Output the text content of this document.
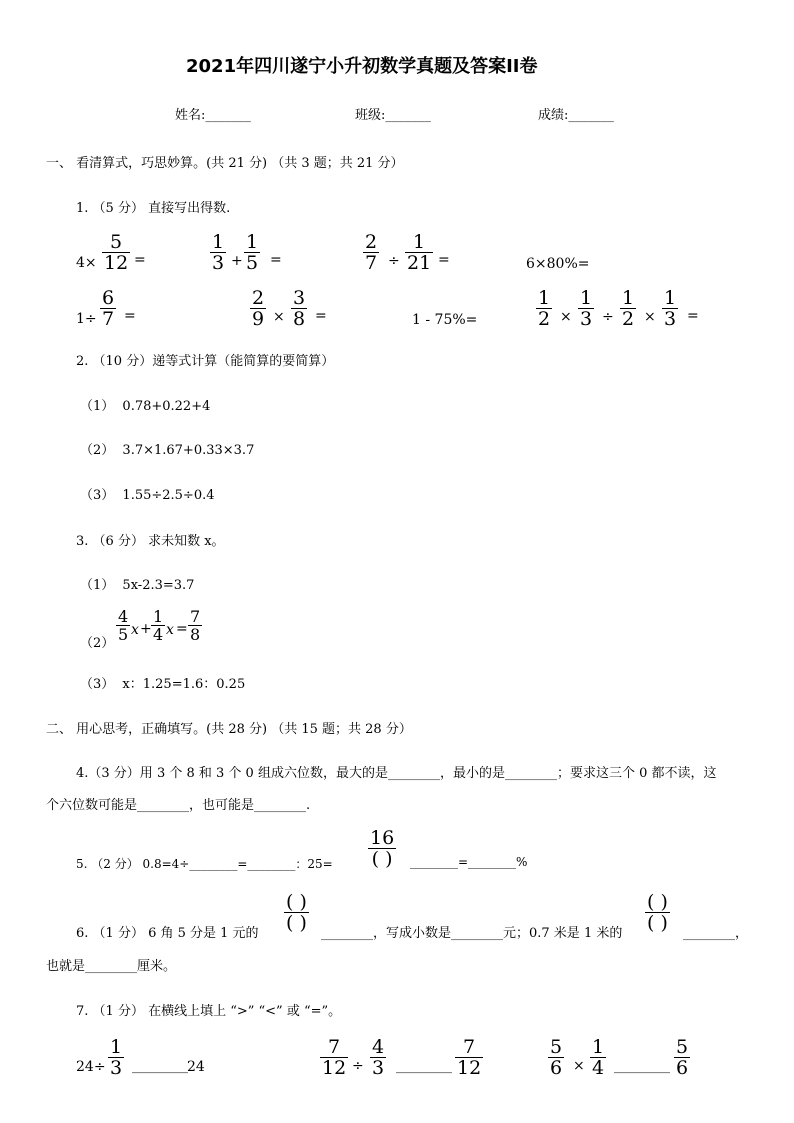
2021年四川遂宁小升初数学真题及答案II卷
姓名:_______	班级:_______	成绩:_______
一、 看清算式，巧思妙算。(共 21 分) （共 3 题；共 21 分）
1. （5 分） 直接写出得数.
$4\times \frac{5}{12}$ =	$\frac{1}{3} + \frac{1}{5}$ =	$\frac{2}{7} \div \frac{1}{21}$ =	6×80%=
$1\div \frac{6}{7}$ =	$\frac{2}{9} \times \frac{3}{8}$ =	1 - 75%=	$\frac{1}{2} \times \frac{1}{3} \div \frac{1}{2} \times \frac{1}{3}$ =
2. （10 分）递等式计算（能简算的要简算）
（1） 0.78+0.22+4
（2） 3.7×1.67+0.33×3.7
（3） 1.55÷2.5÷0.4
3. （6 分） 求未知数 x。
（1） 5x-2.3=3.7
（2）
$\frac{4}{5}$ $x + \frac{1}{4}$ $x = \frac{7}{8}$
（3） x：1.25=1.6：0.25
二、 用心思考，正确填写。(共 28 分) （共 15 题；共 28 分）
4.（3 分）用 3 个 8 和 3 个 0 组成六位数，最大的是________，最小的是________；要求这三个 0 都不读，这
个六位数可能是________，也可能是________.
5. （2 分） 0.8=4÷________=________：25=
16
( )	________=________%
6. （1 分） 6 角 5 分是 1 元的
( )
( ) ________，写成小数是________元；0.7 米是 1 米的
( )
( ) ________，
也就是________厘米。
7. （1 分） 在横线上填上 “>” “<” 或 “=”。
$24\div \frac{1}{3}$ ________ 24	$\frac{7}{12} \div \frac{4}{3}$ ________ $\frac{7}{12}$	$\frac{5}{6} \times \frac{1}{4}$ ________ $\frac{5}{6}$
